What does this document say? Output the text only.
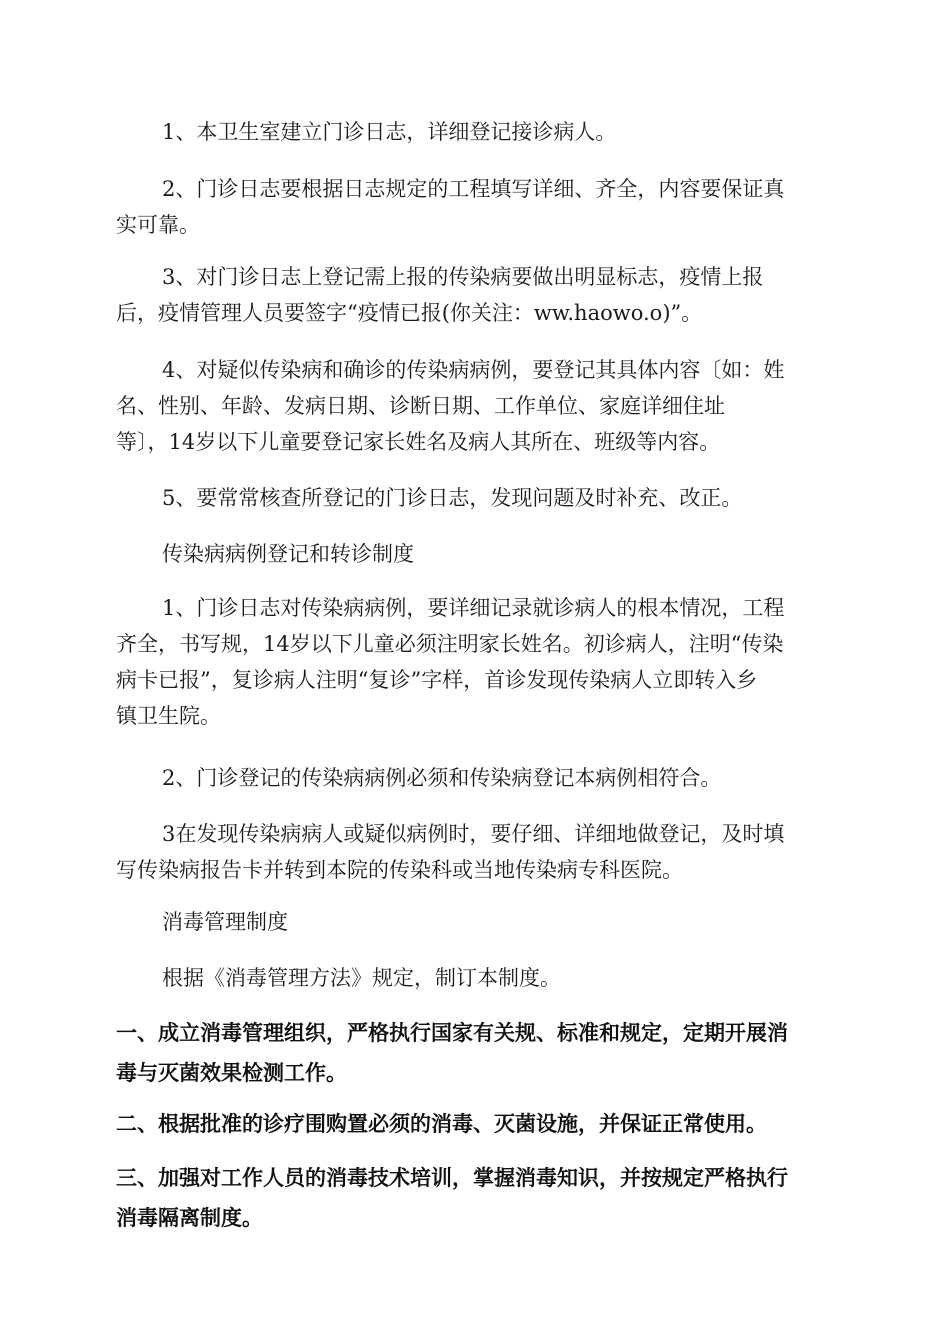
1、本卫生室建立门诊日志，详细登记接诊病人。

2、门诊日志要根据日志规定的工程填写详细、齐全，内容要保证真
实可靠。

3、对门诊日志上登记需上报的传染病要做出明显标志，疫情上报
后，疫情管理人员要签字“疫情已报(你关注：ww.haowo.o)”。

4、对疑似传染病和确诊的传染病病例，要登记其具体内容〔如：姓
名、性别、年龄、发病日期、诊断日期、工作单位、家庭详细住址
等〕，14岁以下儿童要登记家长姓名及病人其所在、班级等内容。

5、要常常核查所登记的门诊日志，发现问题及时补充、改正。

传染病病例登记和转诊制度

1、门诊日志对传染病病例，要详细记录就诊病人的根本情况，工程
齐全，书写规，14岁以下儿童必须注明家长姓名。初诊病人，注明“传染
病卡已报”，复诊病人注明“复诊”字样，首诊发现传染病人立即转入乡
镇卫生院。

2、门诊登记的传染病病例必须和传染病登记本病例相符合。

3在发现传染病病人或疑似病例时，要仔细、详细地做登记，及时填
写传染病报告卡并转到本院的传染科或当地传染病专科医院。

消毒管理制度

根据《消毒管理方法》规定，制订本制度。

一、成立消毒管理组织，严格执行国家有关规、标准和规定，定期开展消
毒与灭菌效果检测工作。

二、根据批准的诊疗围购置必须的消毒、灭菌设施，并保证正常使用。

三、加强对工作人员的消毒技术培训，掌握消毒知识，并按规定严格执行
消毒隔离制度。
